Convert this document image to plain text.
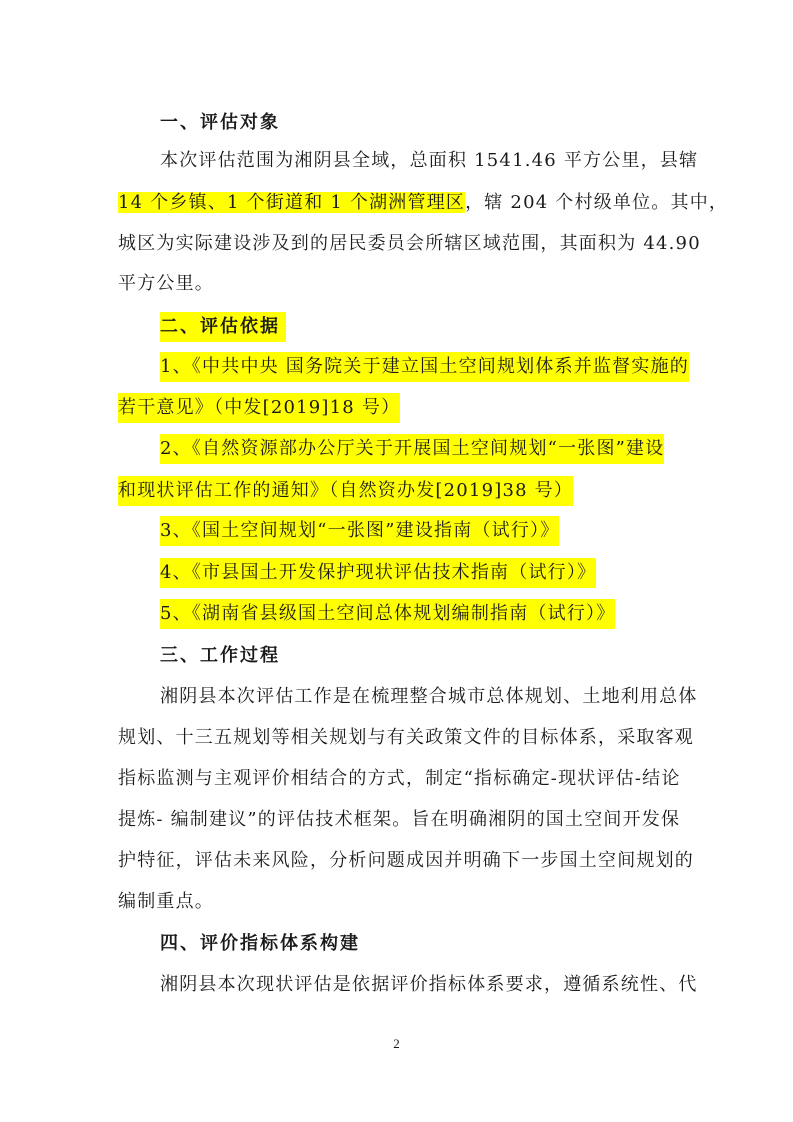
一、评估对象
本次评估范围为湘阴县全域，总面积 1541.46 平方公里，县辖
14 个乡镇、1 个街道和 1 个湖洲管理区，辖 204 个村级单位。其中，
城区为实际建设涉及到的居民委员会所辖区域范围，其面积为 44.90
平方公里。
二、评估依据
1、《中共中央 国务院关于建立国土空间规划体系并监督实施的
若干意见》（中发[2019]18 号）
2、《自然资源部办公厅关于开展国土空间规划“一张图”建设
和现状评估工作的通知》（自然资办发[2019]38 号）
3、《国土空间规划“一张图”建设指南（试行）》
4、《市县国土开发保护现状评估技术指南（试行）》
5、《湖南省县级国土空间总体规划编制指南（试行）》
三、工作过程
湘阴县本次评估工作是在梳理整合城市总体规划、土地利用总体
规划、十三五规划等相关规划与有关政策文件的目标体系，采取客观
指标监测与主观评价相结合的方式，制定“指标确定-现状评估-结论
提炼- 编制建议”的评估技术框架。旨在明确湘阴的国土空间开发保
护特征，评估未来风险，分析问题成因并明确下一步国土空间规划的
编制重点。
四、评价指标体系构建
湘阴县本次现状评估是依据评价指标体系要求，遵循系统性、代
2
